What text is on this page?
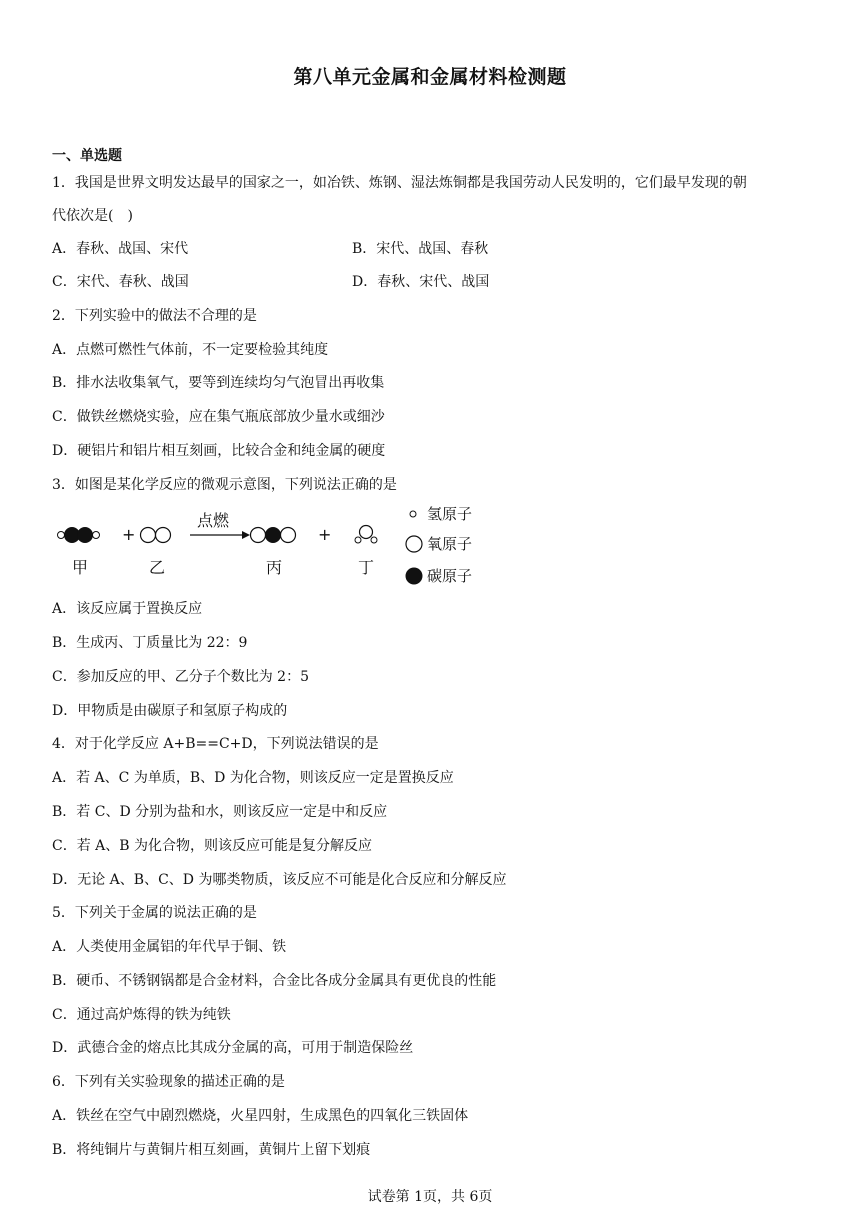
第八单元金属和金属材料检测题
一、单选题
1．我国是世界文明发达最早的国家之一，如冶铁、炼钢、湿法炼铜都是我国劳动人民发明的，它们最早发现的朝
代依次是(　)
A．春秋、战国、宋代	B．宋代、战国、春秋
C．宋代、春秋、战国	D．春秋、宋代、战国
2．下列实验中的做法不合理的是
A．点燃可燃性气体前，不一定要检验其纯度
B．排水法收集氧气，要等到连续均匀气泡冒出再收集
C．做铁丝燃烧实验，应在集气瓶底部放少量水或细沙
D．硬铝片和铝片相互刻画，比较合金和纯金属的硬度
3．如图是某化学反应的微观示意图，下列说法正确的是
甲
+
乙
点燃
丙
+
丁
氢原子
氧原子
碳原子
A．该反应属于置换反应
B．生成丙、丁质量比为 22：9
C．参加反应的甲、乙分子个数比为 2：5
D．甲物质是由碳原子和氢原子构成的
4．对于化学反应 A+B==C+D，下列说法错误的是
A．若 A、C 为单质，B、D 为化合物，则该反应一定是置换反应
B．若 C、D 分别为盐和水，则该反应一定是中和反应
C．若 A、B 为化合物，则该反应可能是复分解反应
D．无论 A、B、C、D 为哪类物质，该反应不可能是化合反应和分解反应
5．下列关于金属的说法正确的是
A．人类使用金属铝的年代早于铜、铁
B．硬币、不锈钢锅都是合金材料，合金比各成分金属具有更优良的性能
C．通过高炉炼得的铁为纯铁
D．武德合金的熔点比其成分金属的高，可用于制造保险丝
6．下列有关实验现象的描述正确的是
A．铁丝在空气中剧烈燃烧，火星四射，生成黑色的四氧化三铁固体
B．将纯铜片与黄铜片相互刻画，黄铜片上留下划痕
试卷第 1页，共 6页
